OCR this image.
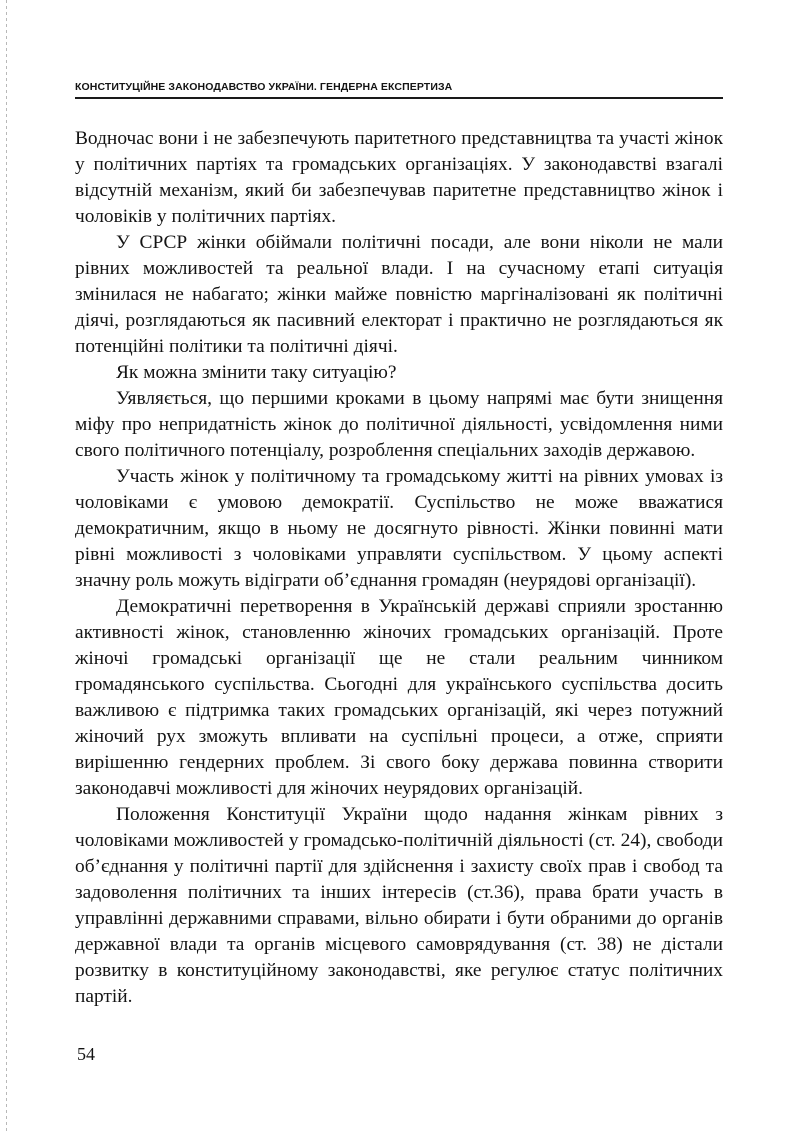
КОНСТИТУЦІЙНЕ ЗАКОНОДАВСТВО УКРАЇНИ. ГЕНДЕРНА ЕКСПЕРТИЗА

Водночас вони і не забезпечують паритетного представництва та участі жінок у політичних партіях та громадських організаціях. У законодавстві взагалі відсутній механізм, який би забезпечував паритетне представництво жінок і чоловіків у політичних партіях.

У СРСР жінки обіймали політичні посади, але вони ніколи не мали рівних можливостей та реальної влади. І на сучасному етапі ситуація змінилася не набагато; жінки майже повністю маргіналізовані як політичні діячі, розглядаються як пасивний електорат і практично не розглядаються як потенційні політики та політичні діячі.

Як можна змінити таку ситуацію?

Уявляється, що першими кроками в цьому напрямі має бути знищення міфу про непридатність жінок до політичної діяльності, усвідомлення ними свого політичного потенціалу, розроблення спеціальних заходів державою.

Участь жінок у політичному та громадському житті на рівних умовах із чоловіками є умовою демократії. Суспільство не може вважатися демократичним, якщо в ньому не досягнуто рівності. Жінки повинні мати рівні можливості з чоловіками управляти суспільством. У цьому аспекті значну роль можуть відіграти об’єднання громадян (неурядові організації).

Демократичні перетворення в Українській державі сприяли зростанню активності жінок, становленню жіночих громадських організацій. Проте жіночі громадські організації ще не стали реальним чинником громадянського суспільства. Сьогодні для українського суспільства досить важливою є підтримка таких громадських організацій, які через потужний жіночий рух зможуть впливати на суспільні процеси, а отже, сприяти вирішенню гендерних проблем. Зі свого боку держава повинна створити законодавчі можливості для жіночих неурядових організацій.

Положення Конституції України щодо надання жінкам рівних з чоловіками можливостей у громадсько-політичній діяльності (ст. 24), свободи об’єднання у політичні партії для здійснення і захисту своїх прав і свобод та задоволення політичних та інших інтересів (ст.36), права брати участь в управлінні державними справами, вільно обирати і бути обраними до органів державної влади та органів місцевого самоврядування (ст. 38) не дістали розвитку в конституційному законодавстві, яке регулює статус політичних партій.

54
